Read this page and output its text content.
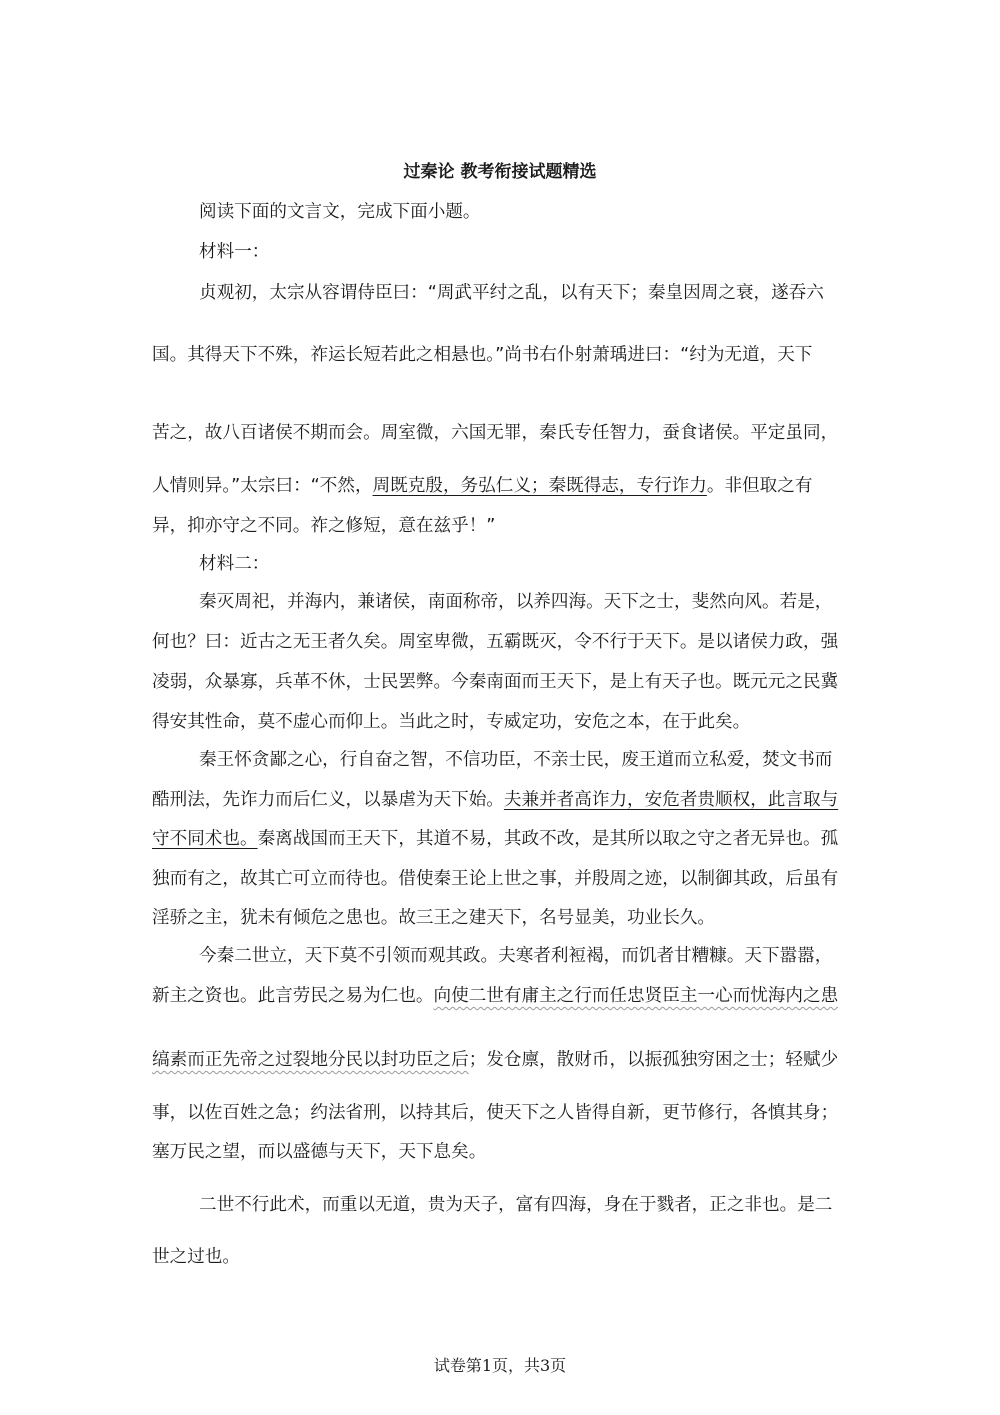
过秦论 教考衔接试题精选
阅读下面的文言文，完成下面小题。
材料一：
贞观初，太宗从容谓侍臣曰：“周武平纣之乱，以有天下；秦皇因周之衰，遂吞六
国。其得天下不殊，祚运长短若此之相悬也。”尚书右仆射萧瑀进曰：“纣为无道，天下
苦之，故八百诸侯不期而会。周室微，六国无罪，秦氏专任智力，蚕食诸侯。平定虽同，
人情则异。”太宗曰：“不然，周既克殷，务弘仁义；秦既得志，专行诈力。非但取之有
异，抑亦守之不同。祚之修短，意在兹乎！”
材料二：
秦灭周祀，并海内，兼诸侯，南面称帝，以养四海。天下之士，斐然向风。若是，
何也？曰：近古之无王者久矣。周室卑微，五霸既灭，令不行于天下。是以诸侯力政，强
凌弱，众暴寡，兵革不休，士民罢弊。今秦南面而王天下，是上有天子也。既元元之民冀
得安其性命，莫不虚心而仰上。当此之时，专威定功，安危之本，在于此矣。
秦王怀贪鄙之心，行自奋之智，不信功臣，不亲士民，废王道而立私爱，焚文书而
酷刑法，先诈力而后仁义，以暴虐为天下始。夫兼并者高诈力，安危者贵顺权，此言取与
守不同术也。秦离战国而王天下，其道不易，其政不改，是其所以取之守之者无异也。孤
独而有之，故其亡可立而待也。借使秦王论上世之事，并殷周之迹，以制御其政，后虽有
淫骄之主，犹未有倾危之患也。故三王之建天下，名号显美，功业长久。
今秦二世立，天下莫不引领而观其政。夫寒者利裋褐，而饥者甘糟糠。天下嚣嚣，
新主之资也。此言劳民之易为仁也。向使二世有庸主之行而任忠贤臣主一心而忧海内之患
缟素而正先帝之过裂地分民以封功臣之后；发仓廪，散财币，以振孤独穷困之士；轻赋少
事，以佐百姓之急；约法省刑，以持其后，使天下之人皆得自新，更节修行，各慎其身；
塞万民之望，而以盛德与天下，天下息矣。
二世不行此术，而重以无道，贵为天子，富有四海，身在于戮者，正之非也。是二
世之过也。
试卷第1页，共3页
